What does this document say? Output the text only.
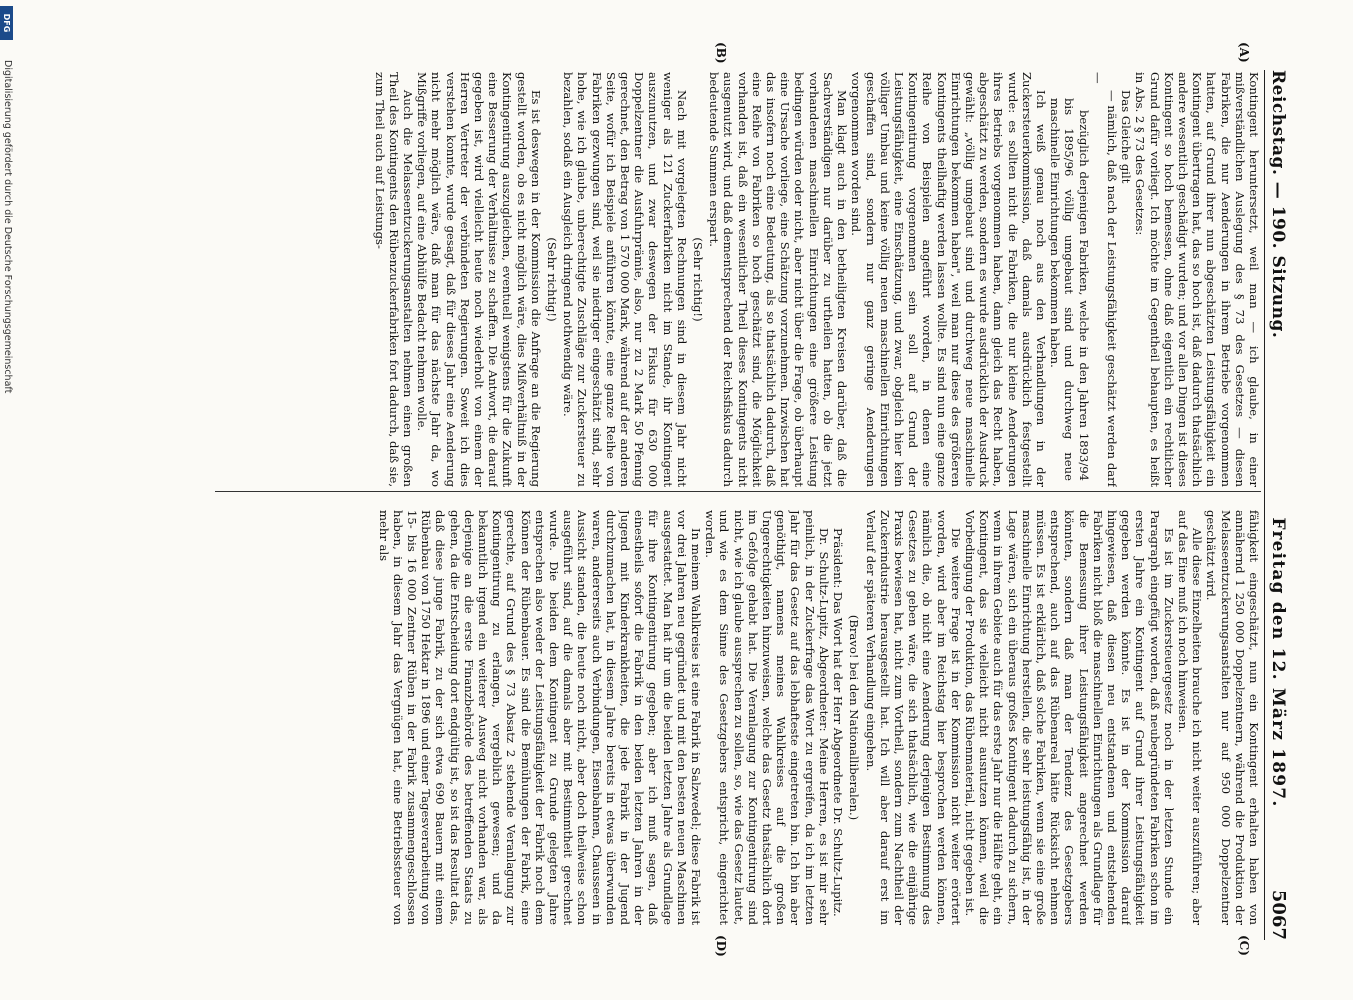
Reichstag. — 190. Sitzung.
Freitag den 12. März 1897.
5067
(A)
(B)
(C)
(D)

Kontingent heruntersetzt, weil man — ich glaube, in einer mißverständlichen Auslegung des § 73 des Gesetzes — diesen Fabriken, die nur Aenderungen in ihrem Betriebe vorgenommen hatten, auf Grund ihrer nun abgeschätzten Leistungsfähigkeit ein Kontingent übertragen hat, das so hoch ist, daß dadurch thatsächlich andere wesentlich geschädigt wurden; und vor allen Dingen ist dieses Kontingent so hoch bemessen, ohne daß eigentlich ein rechtlicher Grund dafür vorliegt. Ich möchte im Gegentheil behaupten, es heißt in Abs. 2 § 73 des Gesetzes:

Das Gleiche gilt

— nämlich, daß nach der Leistungsfähigkeit geschätzt werden darf —

bezüglich derjenigen Fabriken, welche in den Jahren 1893/94 bis 1895/96 völlig umgebaut sind und durchweg neue maschinelle Einrichtungen bekommen haben.

Ich weiß genau noch aus den Verhandlungen in der Zuckersteuerkommission, daß damals ausdrücklich festgestellt wurde: es sollten nicht die Fabriken, die nur kleine Aenderungen ihres Betriebs vorgenommen haben, dann gleich das Recht haben, abgeschätzt zu werden, sondern es wurde ausdrücklich der Ausdruck gewählt: „völlig umgebaut sind und durchweg neue maschinelle Einrichtungen bekommen haben", weil man nur diese des größeren Kontingents theilhaftig werden lassen wollte. Es sind nun eine ganze Reihe von Beispielen angeführt worden, in denen eine Kontingentirung vorgenommen sein soll auf Grund der Leistungsfähigkeit, eine Einschätzung, und zwar, obgleich hier kein völliger Umbau und keine völlig neuen maschinellen Einrichtungen geschaffen sind, sondern nur ganz geringe Aenderungen vorgenommen worden sind.

Man klagt auch in den betheiligten Kreisen darüber, daß die Sachverständigen nur darüber zu urtheilen hatten, ob die jetzt vorhandenen maschinellen Einrichtungen eine größere Leistung bedingen würden oder nicht, aber nicht über die Frage, ob überhaupt eine Ursache vorliege, eine Schätzung vorzunehmen. Inzwischen hat das insofern noch eine Bedeutung, als so thatsächlich dadurch, daß eine Reihe von Fabriken so hoch geschätzt sind, die Möglichkeit vorhanden ist, daß ein wesentlicher Theil dieses Kontingents nicht ausgenutzt wird, und daß dementsprechend der Reichsfiskus dadurch bedeutende Summen erspart.

(Sehr richtig!)

Nach mit vorgelegten Rechnungen sind in diesem Jahr nicht weniger als 121 Zuckerfabriken nicht im Stande, ihr Kontingent auszunutzen, und zwar deswegen der Fiskus für 630 000 Doppelzentner die Ausfuhrprämie, also, nur zu 2 Mark 50 Pfennig gerechnet, den Betrag von 1 570 000 Mark, während auf der anderen Seite, wofür ich Beispiele anführen könnte, eine ganze Reihe von Fabriken gezwungen sind, weil sie niedriger eingeschätzt sind, sehr hohe, wie ich glaube, unberechtigte Zuschläge zur Zuckersteuer zu bezahlen, sodaß ein Ausgleich dringend nothwendig wäre.

(Sehr richtig!)

Es ist deswegen in der Kommission die Anfrage an die Regierung gestellt worden, ob es nicht möglich wäre, dies Mißverhältniß in der Kontingentirung auszugleichen, eventuell wenigstens für die Zukunft eine Besserung der Verhältnisse zu schaffen. Die Antwort, die darauf gegeben ist, wird vielleicht heute noch wiederholt von einem der Herren Vertreter der verbündeten Regierungen. Soweit ich dies verstehen konnte, wurde gesagt, daß für dieses Jahr eine Aenderung nicht mehr möglich wäre, daß man für das nächste Jahr da, wo Mißgriffe vorliegen, auf eine Abhülfe Bedacht nehmen wolle.

Auch die Melasseentzuckerungsanstalten nehmen einen großen Theil des Kontingents den Rübenzuckerfabriken fort dadurch, daß sie, zum Theil auch auf Leistungs-

fähigkeit eingeschätzt, nun ein Kontingent erhalten haben von annähernd 1 250 000 Doppelzentnern, während die Produktion der Melasseentzuckerungsanstalten nur auf 950 000 Doppelzentner geschätzt wird.

Alle diese Einzelheiten brauche ich nicht weiter auszuführen; aber auf das Eine muß ich noch hinweisen.

Es ist im Zuckersteuergesetz noch in der letzten Stunde ein Paragraph eingefügt worden, daß neubegründeten Fabriken schon im ersten Jahre ein Kontingent auf Grund ihrer Leistungsfähigkeit gegeben werden könnte. Es ist in der Kommission darauf hingewiesen, daß diesen neu entstandenen und entstehenden Fabriken nicht bloß die maschinellen Einrichtungen als Grundlage für die Bemessung ihrer Leistungsfähigkeit angerechnet werden könnten, sondern daß man der Tendenz des Gesetzgebers entsprechend, auch auf das Rübenareal hätte Rücksicht nehmen müssen. Es ist erklärlich, daß solche Fabriken, wenn sie eine große maschinelle Einrichtung herstellen, die sehr leistungsfähig ist, in der Lage wären, sich ein überaus großes Kontingent dadurch zu sichern, wenn in ihrem Gebiete auch für das erste Jahr nur die Hälfte geht, ein Kontingent, das sie vielleicht nicht ausnutzen können, weil die Vorbedingung der Produktion, das Rübenmaterial, nicht gegeben ist.

Die weitere Frage ist in der Kommission nicht weiter erörtert worden, wird aber im Reichstag hier besprochen werden können, nämlich die, ob nicht eine Aenderung derjenigen Bestimmung des Gesetzes zu geben wäre, die sich thatsächlich, wie die einjährige Praxis bewiesen hat, nicht zum Vortheil, sondern zum Nachtheil der Zuckerindustrie herausgestellt hat. Ich will aber darauf erst im Verlauf der späteren Verhandlung eingehen.

(Bravo! bei den Nationalliberalen.)

Präsident: Das Wort hat der Herr Abgeordnete Dr. Schultz-Lupitz.

Dr. Schultz-Lupitz, Abgeordneter: Meine Herren, es ist mir sehr peinlich, in der Zuckerfrage das Wort zu ergreifen, da ich im letzten Jahr für das Gesetz auf das lebhafteste eingetreten bin. Ich bin aber genöthigt, namens meines Wahlkreises auf die großen Ungerechtigkeiten hinzuweisen, welche das Gesetz thatsächlich dort im Gefolge gehabt hat. Die Veranlagung zur Kontingentirung sind nicht, wie ich glaube aussprechen zu sollen, so, wie das Gesetz lautet, und wie es dem Sinne des Gesetzgebers entspricht, eingerichtet worden.

In meinem Wahlkreise ist eine Fabrik in Salzwedel; diese Fabrik ist vor drei Jahren neu gegründet und mit den besten neuen Maschinen ausgestattet. Man hat ihr um die beiden letzten Jahre als Grundlage für ihre Kontingentirung gegeben; aber ich muß sagen, daß einestheils sofort die Fabrik in den beiden letzten Jahren in der Jugend mit Kinderkrankheiten, die jede Fabrik in der Jugend durchzumachen hat, in diesem Jahre bereits in etwas überwunden waren, andererseits auch Verbindungen, Eisenbahnen, Chausseen in Aussicht standen, die heute noch nicht, aber doch theilweise schon ausgeführt sind, auf die damals aber mit Bestimmtheit gerechnet wurde. Die beiden dem Kontingent zu Grunde gelegten Jahre entsprechen also weder der Leistungsfähigkeit der Fabrik noch dem Können der Rübenbauer. Es sind die Bemühungen der Fabrik, eine gerechte, auf Grund des § 73 Absatz 2 stehende Veranlagung zur Kontingentirung zu erlangen, vergeblich gewesen; und da bekanntlich irgend ein weiterer Ausweg nicht vorhanden war, als derjenige an die erste Finanzbehörde des betreffenden Staats zu gehen, da die Entscheidung dort endgültig ist, so ist das Resultat das, daß diese junge Fabrik, zu der sich etwa 690 Bauern mit einem Rübenbau von 1750 Hektar in 1896 und einer Tagesverarbeitung von 15- bis 16 000 Zentner Rüben in der Fabrik zusammengeschlossen haben, in diesem Jahr das Vergnügen hat, eine Betriebssteuer von mehr als

DFG
Digitalisierung gefördert durch die Deutsche Forschungsgemeinschaft
